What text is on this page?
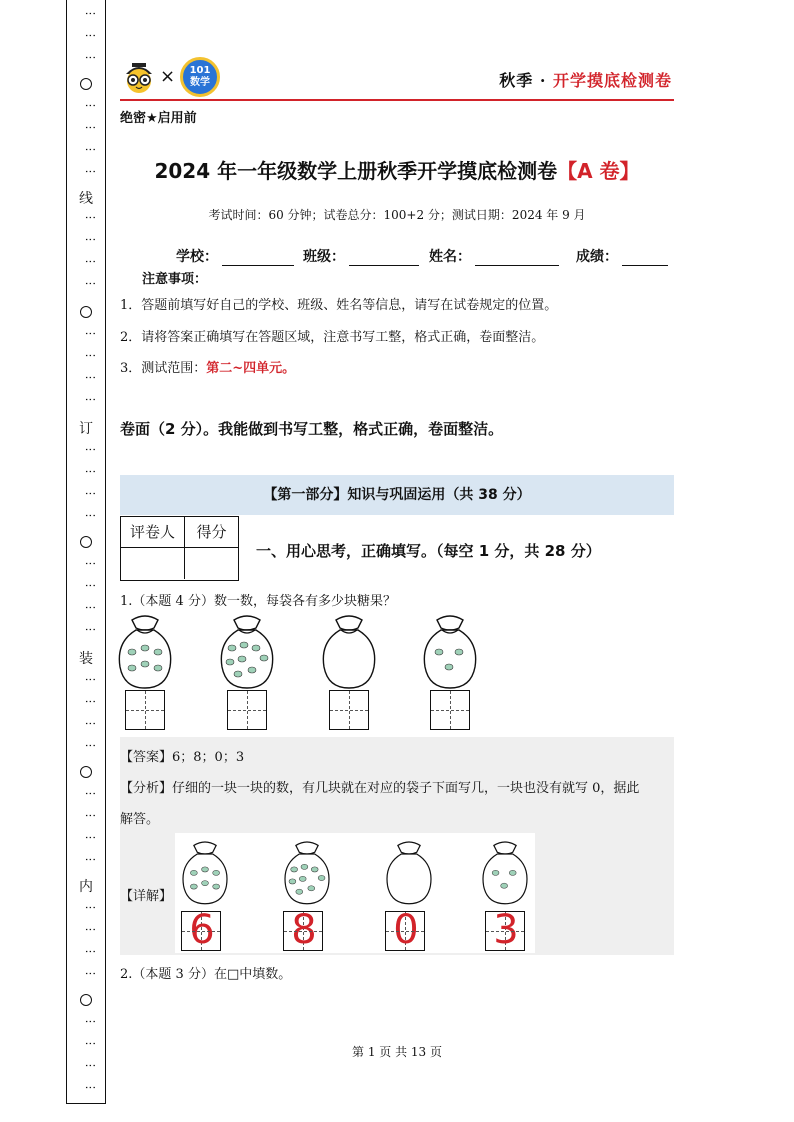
⋮
⋮
⋮
⋮
⋮
⋮
⋮
线
⋮
⋮
⋮
⋮
⋮
⋮
⋮
⋮
订
⋮
⋮
⋮
⋮
⋮
⋮
⋮
⋮
装
⋮
⋮
⋮
⋮
⋮
⋮
⋮
⋮
内
⋮
⋮
⋮
⋮
⋮
⋮
⋮
⋮
×	101
数学	秋季 · 开学摸底检测卷
绝密★启用前
2024 年一年级数学上册秋季开学摸底检测卷【A 卷】
考试时间：60 分钟；试卷总分：100+2 分；测试日期：2024 年 9 月
学校：	班级：	姓名：	成绩：
注意事项：
1．答题前填写好自己的学校、班级、姓名等信息，请写在试卷规定的位置。
2．请将答案正确填写在答题区域，注意书写工整，格式正确，卷面整洁。
3．测试范围：第二~四单元。
卷面（2 分）。我能做到书写工整，格式正确，卷面整洁。
【第一部分】知识与巩固运用（共 38 分）
评卷人	得分
一、用心思考，正确填写。（每空 1 分，共 28 分）
1.（本题 4 分）数一数，每袋各有多少块糖果？
【答案】6；8；0；3
【分析】仔细的一块一块的数，有几块就在对应的袋子下面写几，一块也没有就写 0，据此
解答。
【详解】
6 8 0 3
2.（本题 3 分）在□中填数。
第 1 页 共 13 页
